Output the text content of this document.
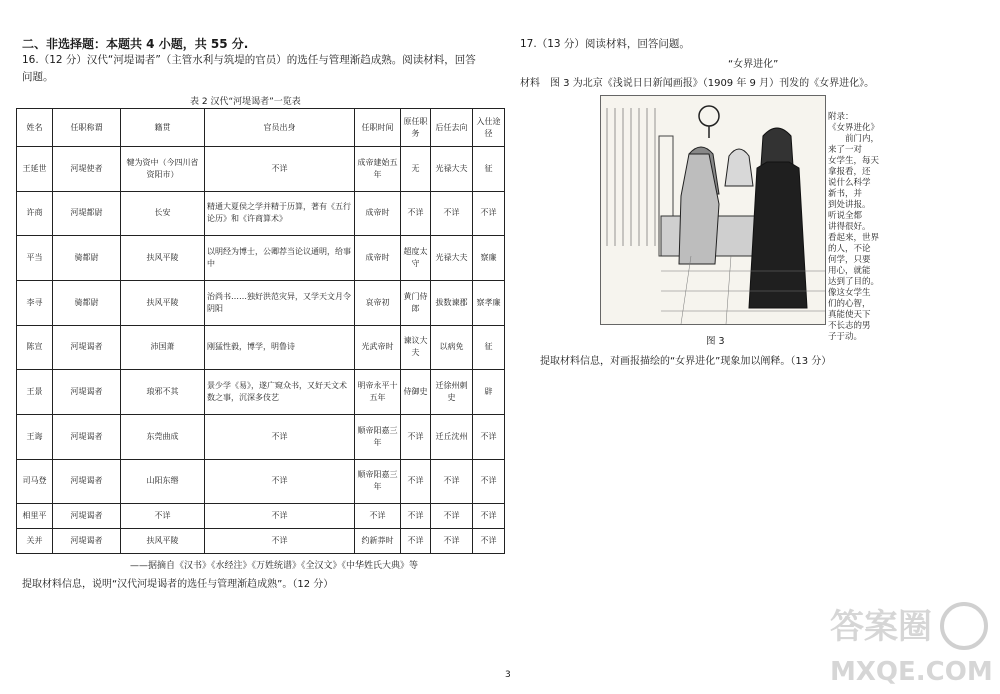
二、非选择题：本题共 4 小题，共 55 分.
16.（12 分）汉代“河堤谒者”（主管水利与筑堤的官员）的选任与管理渐趋成熟。阅读材料，回答
问题。
表 2 汉代“河堤谒者”一览表
姓名	任职称谓	籍贯	官员出身	任职时间	原任职务	后任去向	入仕途径
王延世	河堤使者	犍为资中（今四川省资阳市）	不详	成帝建始五年	无	光禄大夫	征
许商	河堤都尉	长安	精通大夏侯之学并精于历算，著有《五行论历》和《许商算术》	成帝时	不详	不详	不详
平当	骑都尉	扶风平陵	以明经为博士，公卿荐当论议通明，给事中	成帝时	超度太守	光禄大夫	察廉
李寻	骑都尉	扶风平陵	治尚书……独好洪范灾异，又学天文月令阴阳	哀帝初	黄门侍郎	拔数谏郡	察孝廉
陈宣	河堤谒者	沛国萧	刚猛性毅，博学，明鲁诗	光武帝时	谏议大夫	以病免	征
王景	河堤谒者	琅邪不其	景少学《易》，遂广窥众书，又好天文术数之事，沉深多伎艺	明帝永平十五年	侍御史	迁徐州刺史	辟
王诲	河堤谒者	东莞曲成	不详	顺帝阳嘉三年	不详	迁丘沈州	不详
司马登	河堤谒者	山阳东缗	不详	顺帝阳嘉三年	不详	不详	不详
相里平	河堤谒者	不详	不详	不详	不详	不详	不详
关并	河堤谒者	扶风平陵	不详	约新莽时	不详	不详	不详
——据摘自《汉书》《水经注》《万姓统谱》《全汉文》《中华姓氏大典》等
提取材料信息，说明“汉代河堤谒者的选任与管理渐趋成熟”。（12 分）
17.（13 分）阅读材料，回答问题。
“女界进化”
材料　图 3 为北京《浅说日日新闻画报》（1909 年 9 月）刊发的《女界进化》。
图 3
附录：
《女界进化》
　　前门内，
来了一对
女学生，每天
拿报看，还
说什么科学
新书，并
到处讲报。
听说全都
讲得很好。
看起来，世界
的人，不论
何学，只要
用心，就能
达到了目的。
像这女学生
们的心智，
真能使天下
不长志的男
子于动。
提取材料信息，对画报描绘的“女界进化”现象加以阐释。（13 分）
3
答案圈
MXQE.COM
